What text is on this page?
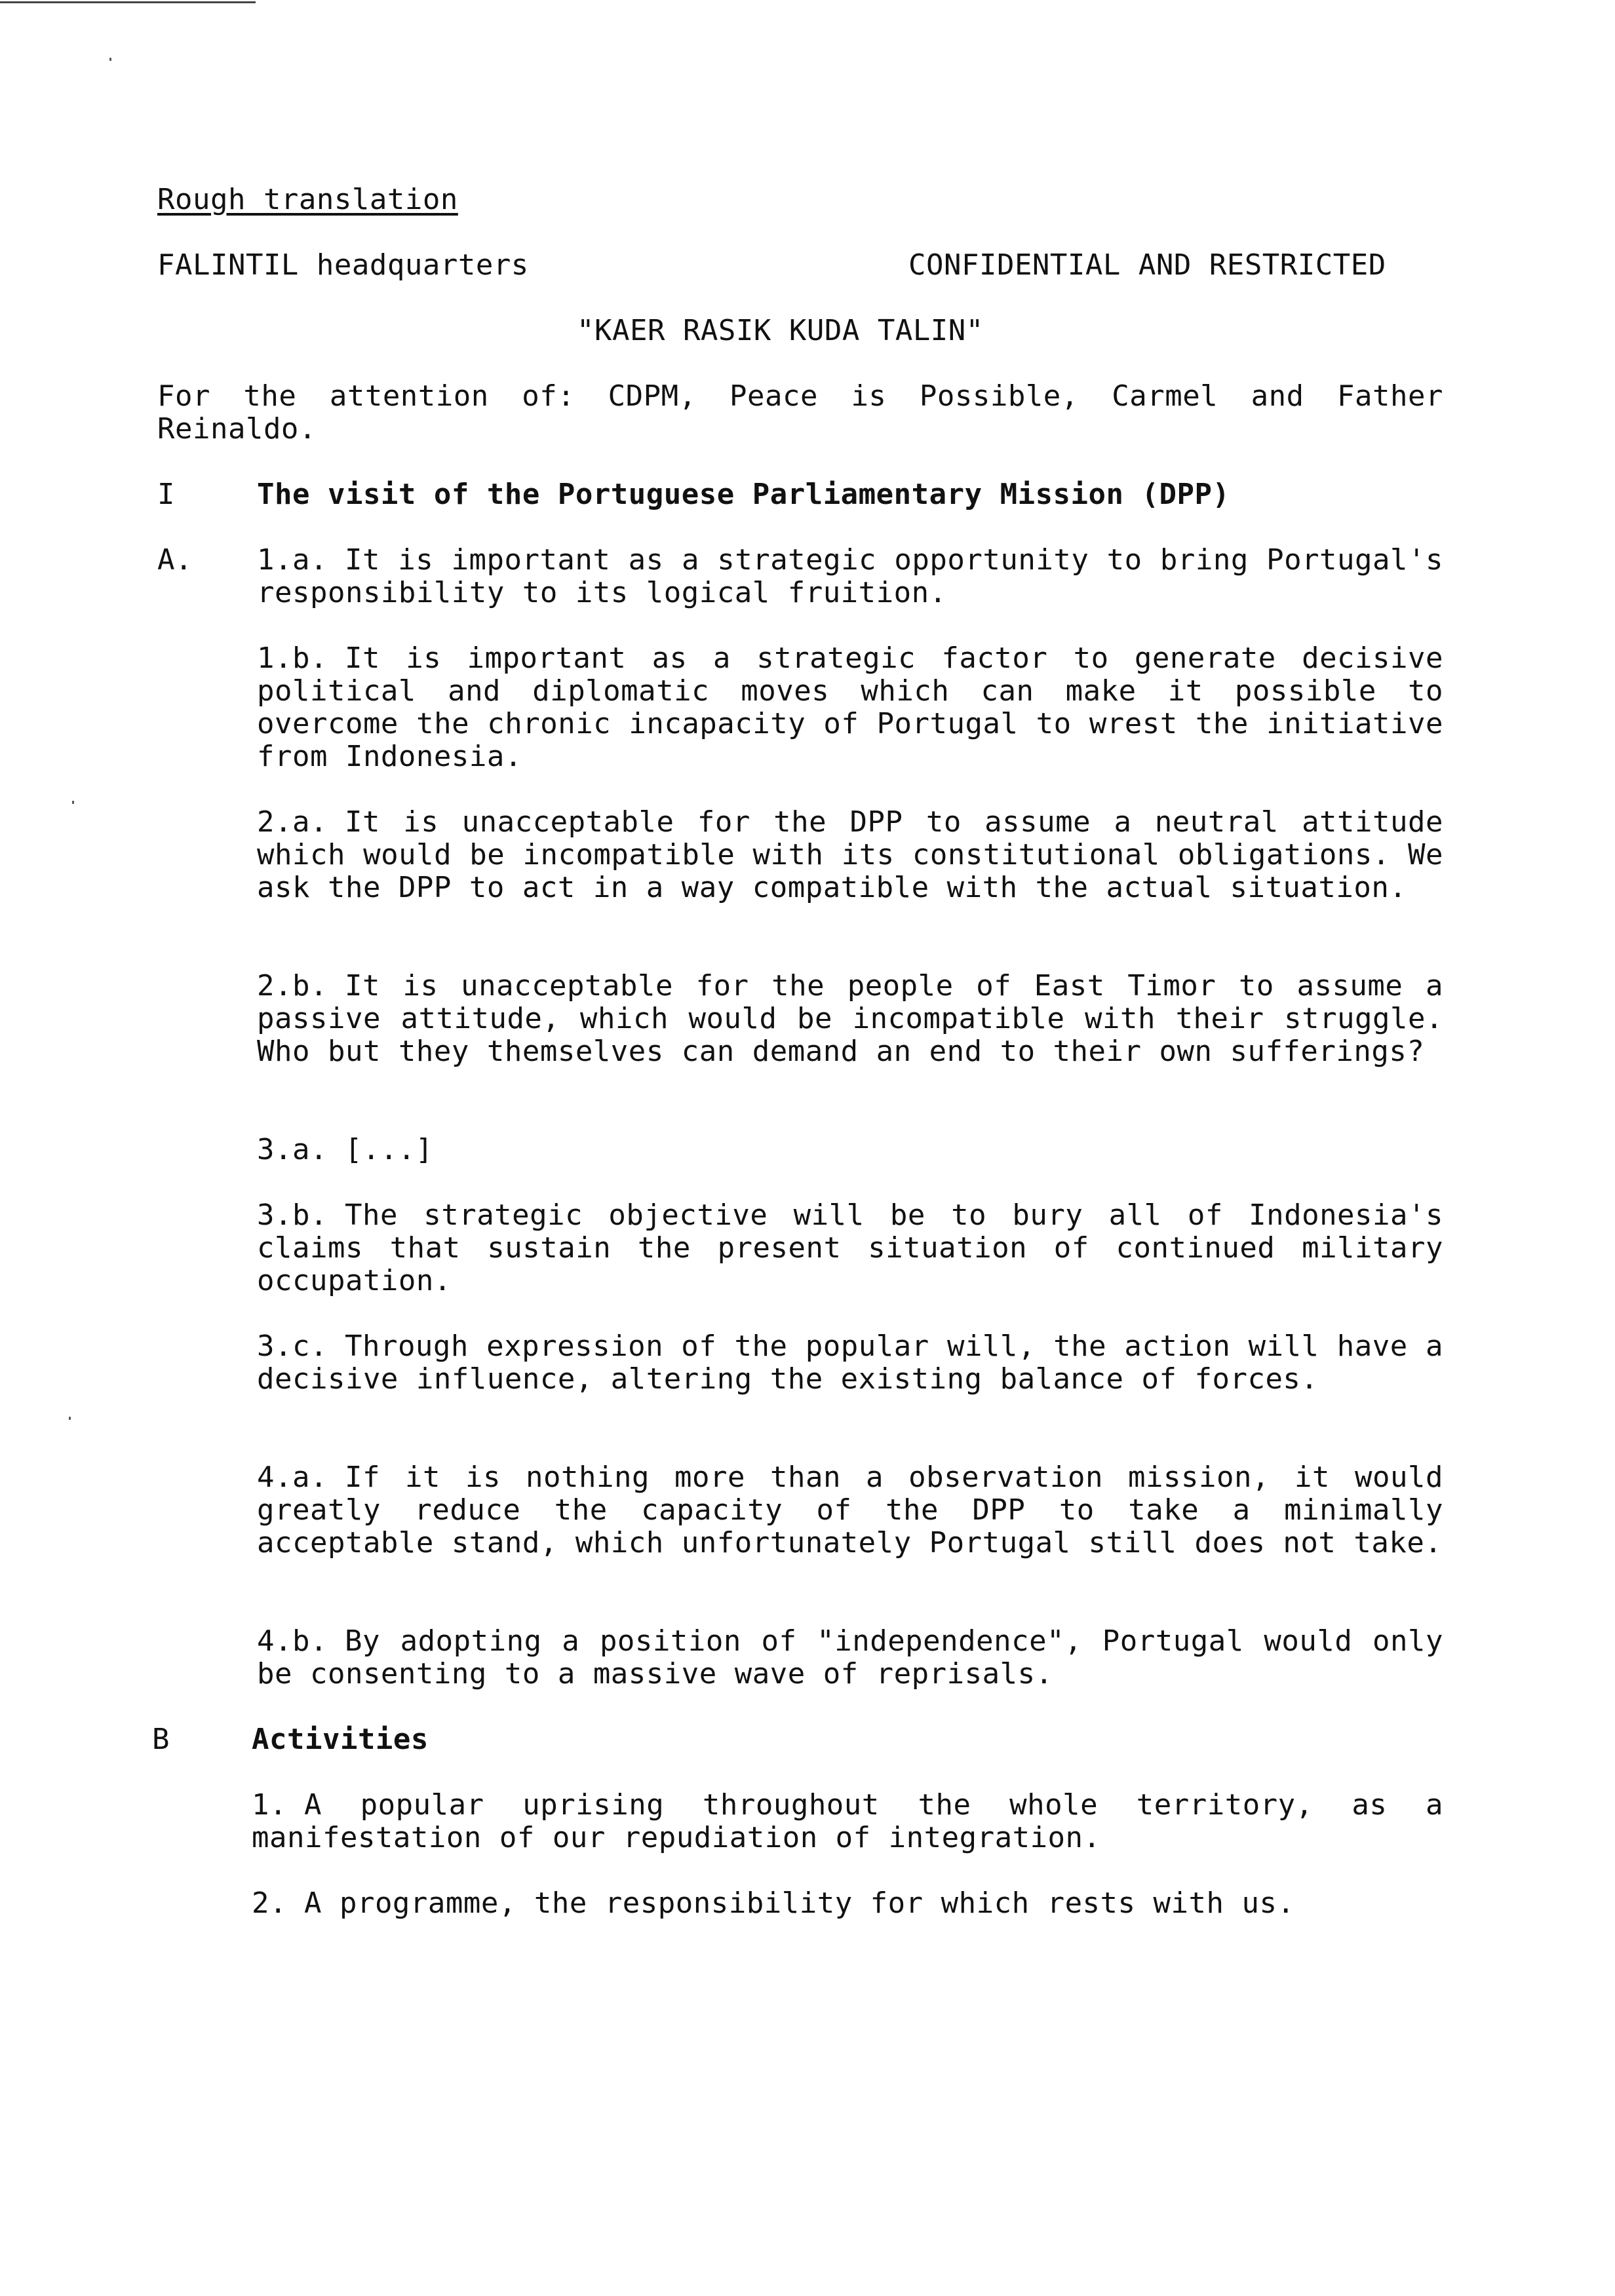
Rough translation
FALINTIL headquarters	CONFIDENTIAL AND RESTRICTED
"KAER RASIK KUDA TALIN"
For the attention of: CDPM, Peace is Possible, Carmel and Father
Reinaldo.
I	The visit of the Portuguese Parliamentary Mission (DPP)
A. 1.a. It is important as a strategic opportunity to bring Portugal's responsibility to its logical fruition.
1.b. It is important as a strategic factor to generate decisive political and diplomatic moves which can make it possible to overcome the chronic incapacity of Portugal to wrest the initiative from Indonesia.
2.a. It is unacceptable for the DPP to assume a neutral attitude which would be incompatible with its constitutional obligations. We ask the DPP to act in a way compatible with the actual situation.
2.b. It is unacceptable for the people of East Timor to assume a passive attitude, which would be incompatible with their struggle. Who but they themselves can demand an end to their own sufferings?
3.a. [...]
3.b. The strategic objective will be to bury all of Indonesia's claims that sustain the present situation of continued military occupation.
3.c. Through expression of the popular will, the action will have a decisive influence, altering the existing balance of forces.
4.a. If it is nothing more than a observation mission, it would greatly reduce the capacity of the DPP to take a minimally acceptable stand, which unfortunately Portugal still does not take.
4.b. By adopting a position of "independence", Portugal would only be consenting to a massive wave of reprisals.
B	Activities
1. A popular uprising throughout the whole territory, as a manifestation of our repudiation of integration.
2. A programme, the responsibility for which rests with us.
